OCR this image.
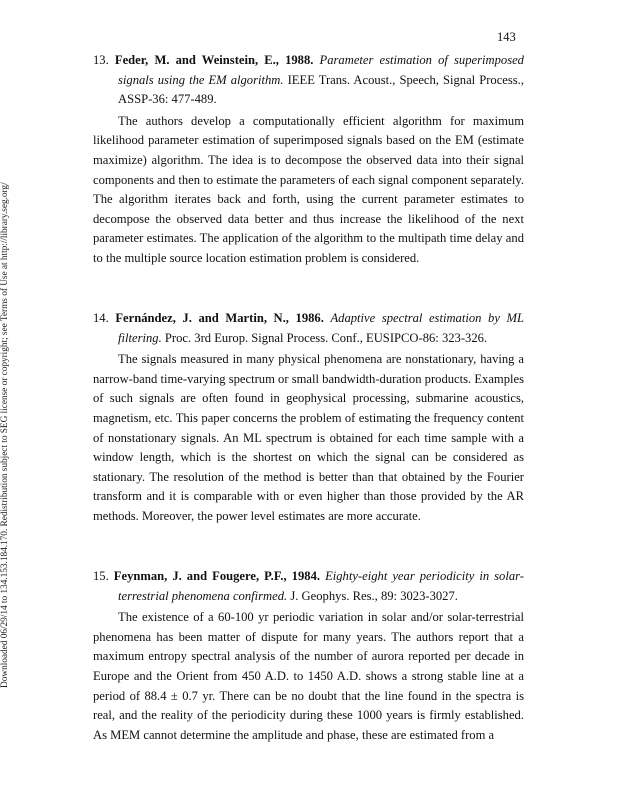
143
Downloaded 06/29/14 to 134.153.184.170. Redistribution subject to SEG license or copyright; see Terms of Use at http://library.seg.org/

13. Feder, M. and Weinstein, E., 1988. Parameter estimation of superimposed signals using the EM algorithm. IEEE Trans. Acoust., Speech, Signal Process., ASSP-36: 477-489.

The authors develop a computationally efficient algorithm for maximum likelihood parameter estimation of superimposed signals based on the EM (estimate maximize) algorithm. The idea is to decompose the observed data into their signal components and then to estimate the parameters of each signal component separately. The algorithm iterates back and forth, using the current parameter estimates to decompose the observed data better and thus increase the likelihood of the next parameter estimates. The application of the algorithm to the multipath time delay and to the multiple source location estimation problem is considered.

14. Fernández, J. and Martin, N., 1986. Adaptive spectral estimation by ML filtering. Proc. 3rd Europ. Signal Process. Conf., EUSIPCO-86: 323-326.

The signals measured in many physical phenomena are nonstationary, having a narrow-band time-varying spectrum or small bandwidth-duration products. Examples of such signals are often found in geophysical processing, submarine acoustics, magnetism, etc. This paper concerns the problem of estimating the frequency content of nonstationary signals. An ML spectrum is obtained for each time sample with a window length, which is the shortest on which the signal can be considered as stationary. The resolution of the method is better than that obtained by the Fourier transform and it is comparable with or even higher than those provided by the AR methods. Moreover, the power level estimates are more accurate.

15. Feynman, J. and Fougere, P.F., 1984. Eighty-eight year periodicity in solar-terrestrial phenomena confirmed. J. Geophys. Res., 89: 3023-3027.

The existence of a 60-100 yr periodic variation in solar and/or solar-terrestrial phenomena has been matter of dispute for many years. The authors report that a maximum entropy spectral analysis of the number of aurora reported per decade in Europe and the Orient from 450 A.D. to 1450 A.D. shows a strong stable line at a period of 88.4 ± 0.7 yr. There can be no doubt that the line found in the spectra is real, and the reality of the periodicity during these 1000 years is firmly established. As MEM cannot determine the amplitude and phase, these are estimated from a
